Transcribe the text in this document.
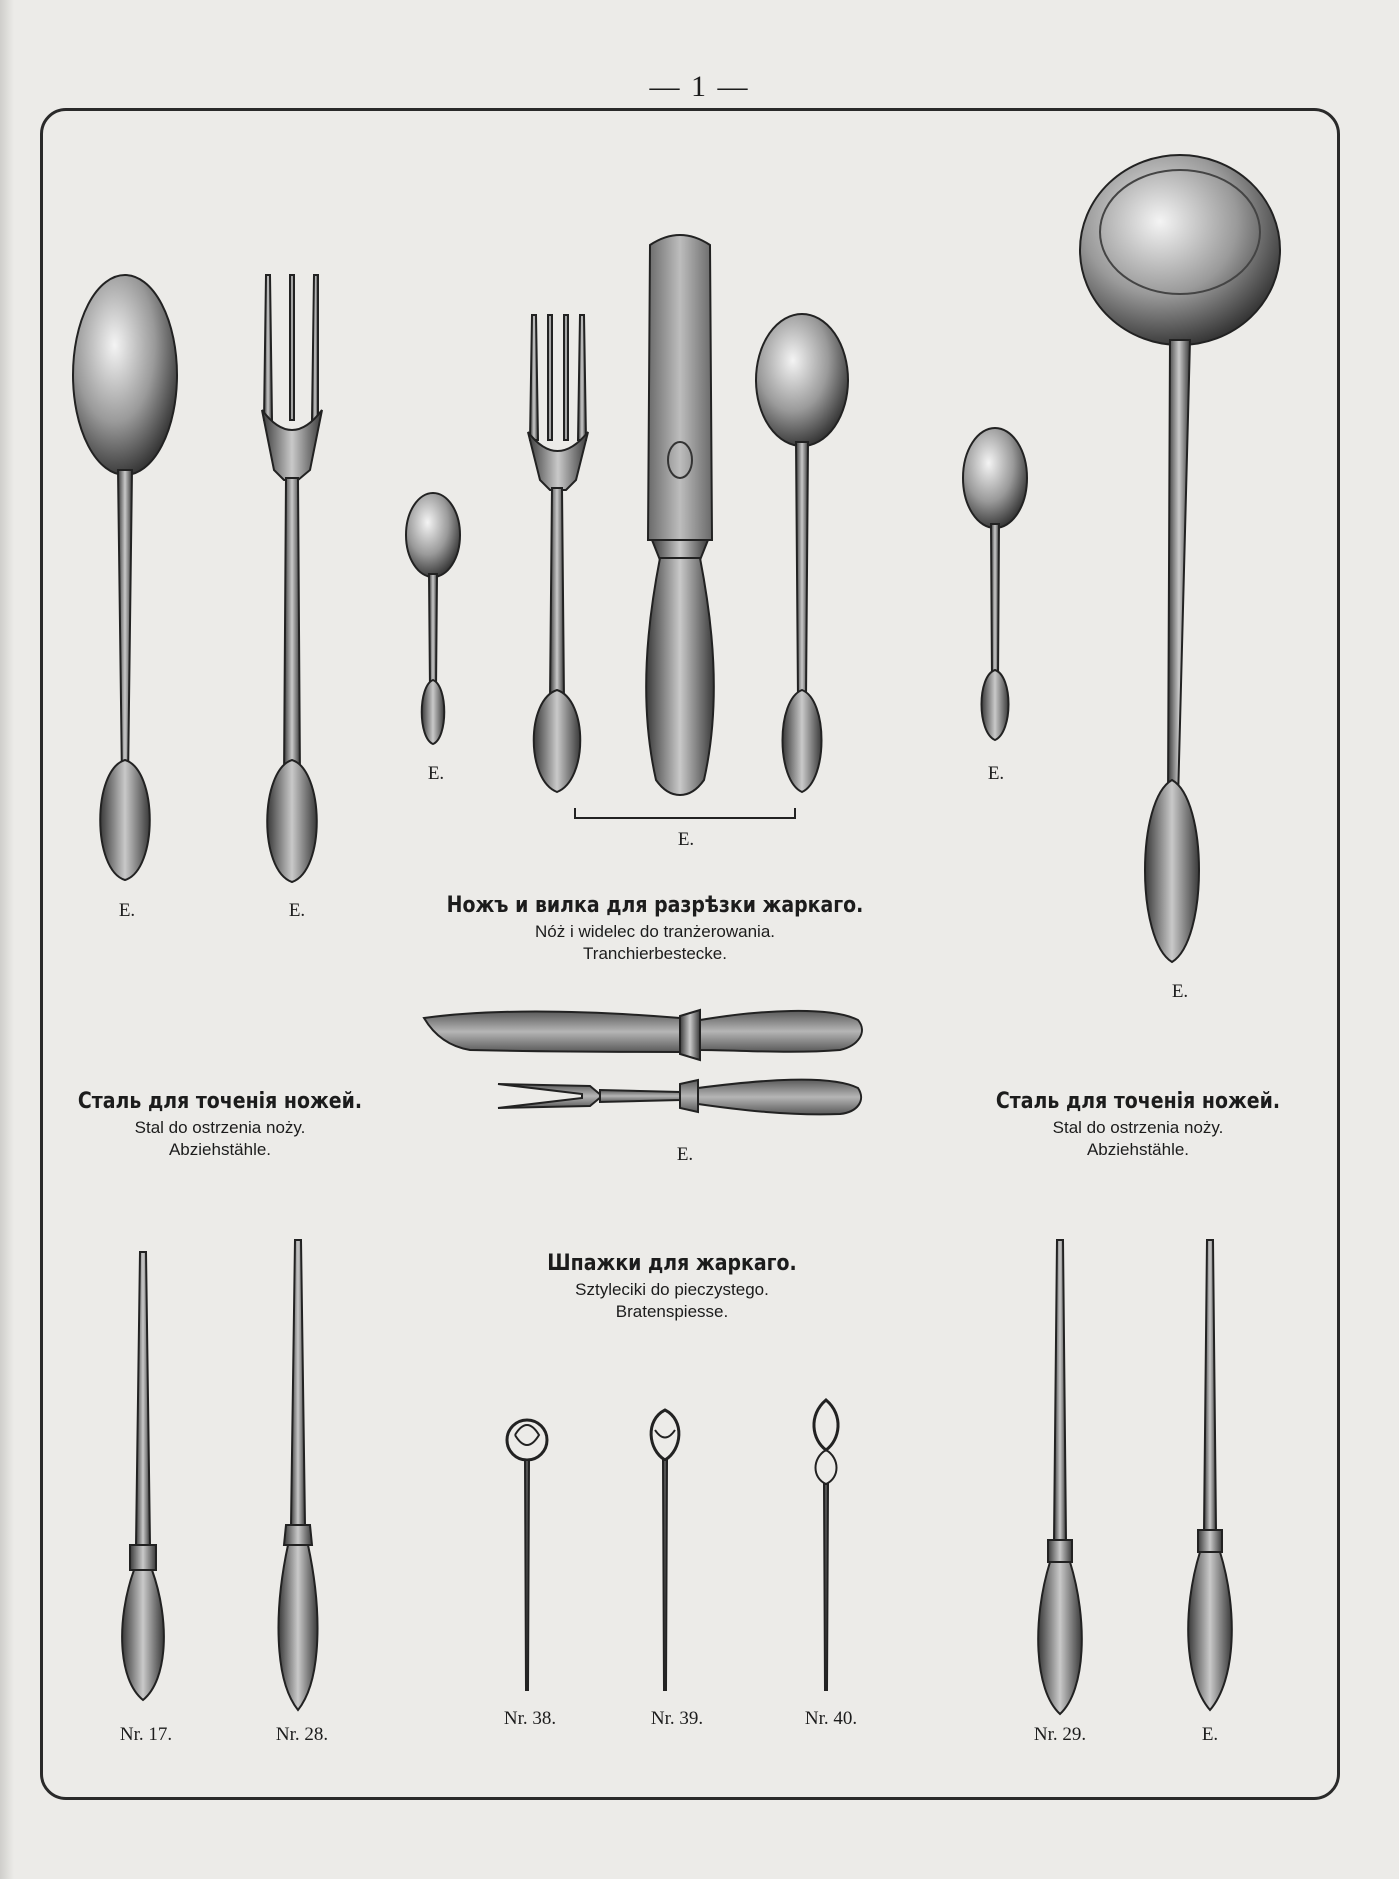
— 1 —
E.	E.
E.
E.
E.
E.
Ножъ и вилка для разрѣзки жаркаго.
Nóż i widelec do tranżerowania.
Tranchierbestecke.
E.
Сталь для точенія ножей.
Stal do ostrzenia noży.
Abziehstähle.
Сталь для точенія ножей.
Stal do ostrzenia noży.
Abziehstähle.
Шпажки для жаркаго.
Sztyleciki do pieczystego.
Bratenspiesse.
Nr. 17.	Nr. 28.
Nr. 38.	Nr. 39.	Nr. 40.
Nr. 29.	E.
